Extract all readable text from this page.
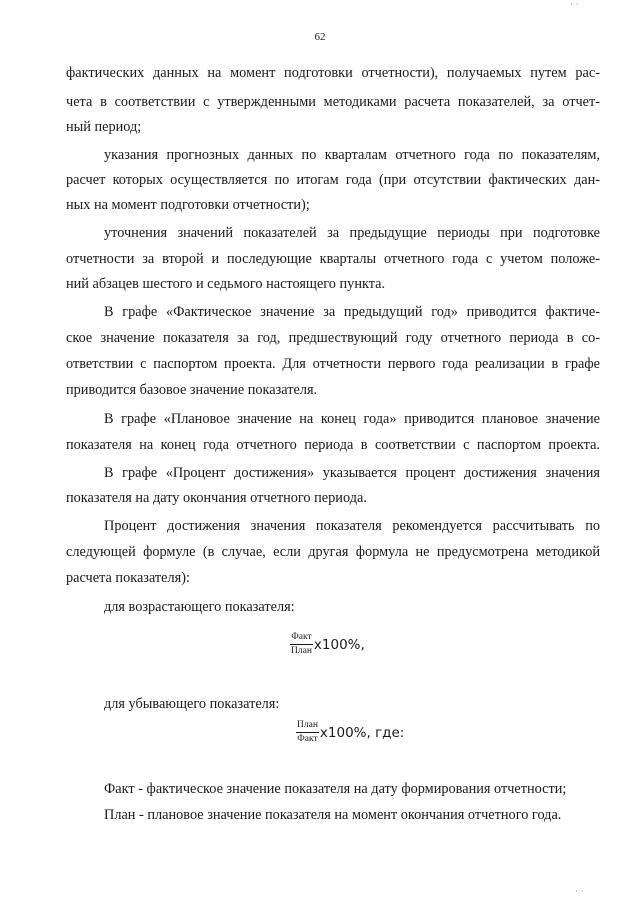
· ·
62
фактических данных на момент подготовки отчетности), получаемых путем рас-
чета в соответствии с утвержденными методиками расчета показателей, за отчет-
ный период;
указания прогнозных данных по кварталам отчетного года по показателям,
расчет которых осуществляется по итогам года (при отсутствии фактических дан-
ных на момент подготовки отчетности);
уточнения значений показателей за предыдущие периоды при подготовке
отчетности за второй и последующие кварталы отчетного года с учетом положе-
ний абзацев шестого и седьмого настоящего пункта.
В графе «Фактическое значение за предыдущий год» приводится фактиче-
ское значение показателя за год, предшествующий году отчетного периода в со-
ответствии с паспортом проекта. Для отчетности первого года реализации в графе
приводится базовое значение показателя.
В графе «Плановое значение на конец года» приводится плановое значение
показателя на конец года отчетного периода в соответствии с паспортом проекта.
В графе «Процент достижения» указывается процент достижения значения
показателя на дату окончания отчетного периода.
Процент достижения значения показателя рекомендуется рассчитывать по
следующей формуле (в случае, если другая формула не предусмотрена методикой
расчета показателя):
для возрастающего показателя:
$\frac{\text{Факт}}{\text{План}} x100\%$,
для убывающего показателя:
$\frac{\text{План}}{\text{Факт}} x100\%$, где:
Факт - фактическое значение показателя на дату формирования отчетности;
План - плановое значение показателя на момент окончания отчетного года.
· ·
